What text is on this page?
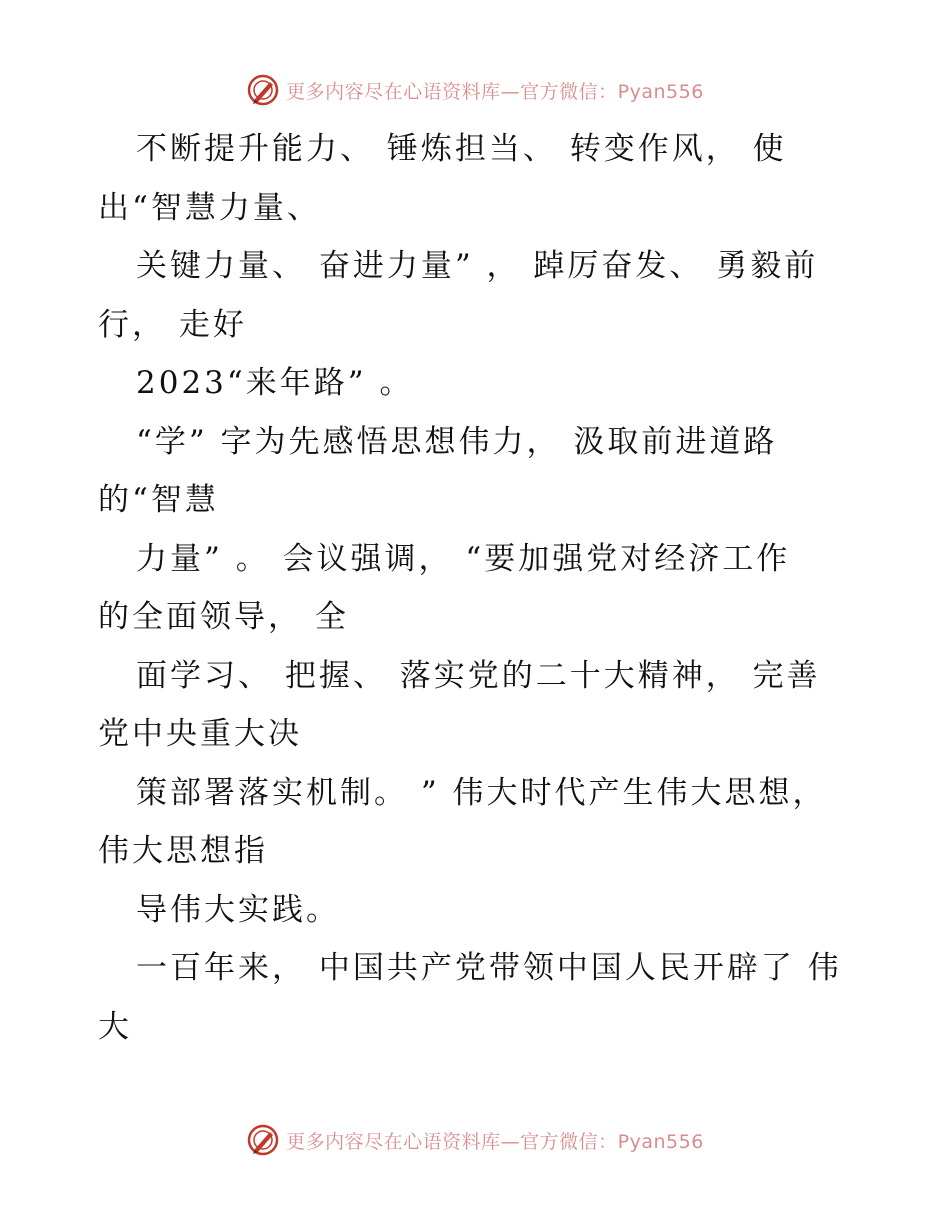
更多内容尽在心语资料库—官方微信：Pyan556
不断提升能力、 锤炼担当、 转变作风， 使
出“智慧力量、
关键力量、 奋进力量” ， 踔厉奋发、 勇毅前
行， 走好
2023“来年路” 。
“学” 字为先感悟思想伟力， 汲取前进道路
的“智慧
力量” 。 会议强调， “要加强党对经济工作
的全面领导， 全
面学习、 把握、 落实党的二十大精神， 完善
党中央重大决
策部署落实机制。 ” 伟大时代产生伟大思想，
伟大思想指
导伟大实践。
一百年来， 中国共产党带领中国人民开辟了 伟
大
更多内容尽在心语资料库—官方微信：Pyan556
